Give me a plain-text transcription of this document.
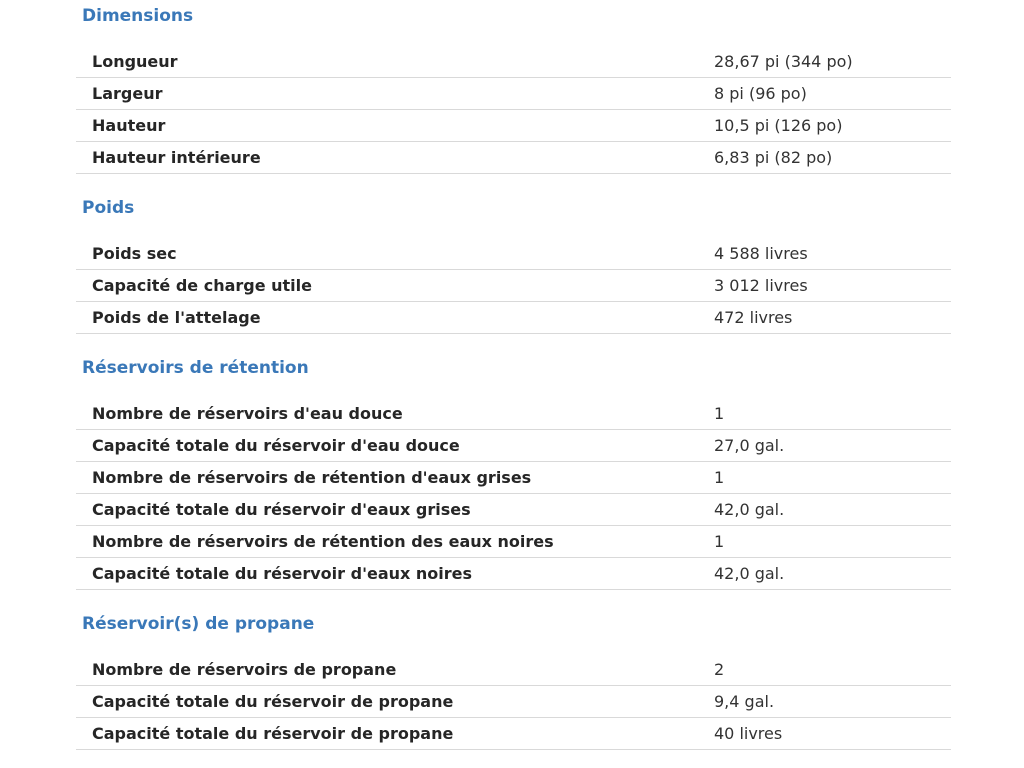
Dimensions
Longueur	28,67 pi (344 po)
Largeur	8 pi (96 po)
Hauteur	10,5 pi (126 po)
Hauteur intérieure	6,83 pi (82 po)
Poids
Poids sec	4 588 livres
Capacité de charge utile	3 012 livres
Poids de l'attelage	472 livres
Réservoirs de rétention
Nombre de réservoirs d'eau douce	1
Capacité totale du réservoir d'eau douce	27,0 gal.
Nombre de réservoirs de rétention d'eaux grises	1
Capacité totale du réservoir d'eaux grises	42,0 gal.
Nombre de réservoirs de rétention des eaux noires	1
Capacité totale du réservoir d'eaux noires	42,0 gal.
Réservoir(s) de propane
Nombre de réservoirs de propane	2
Capacité totale du réservoir de propane	9,4 gal.
Capacité totale du réservoir de propane	40 livres
